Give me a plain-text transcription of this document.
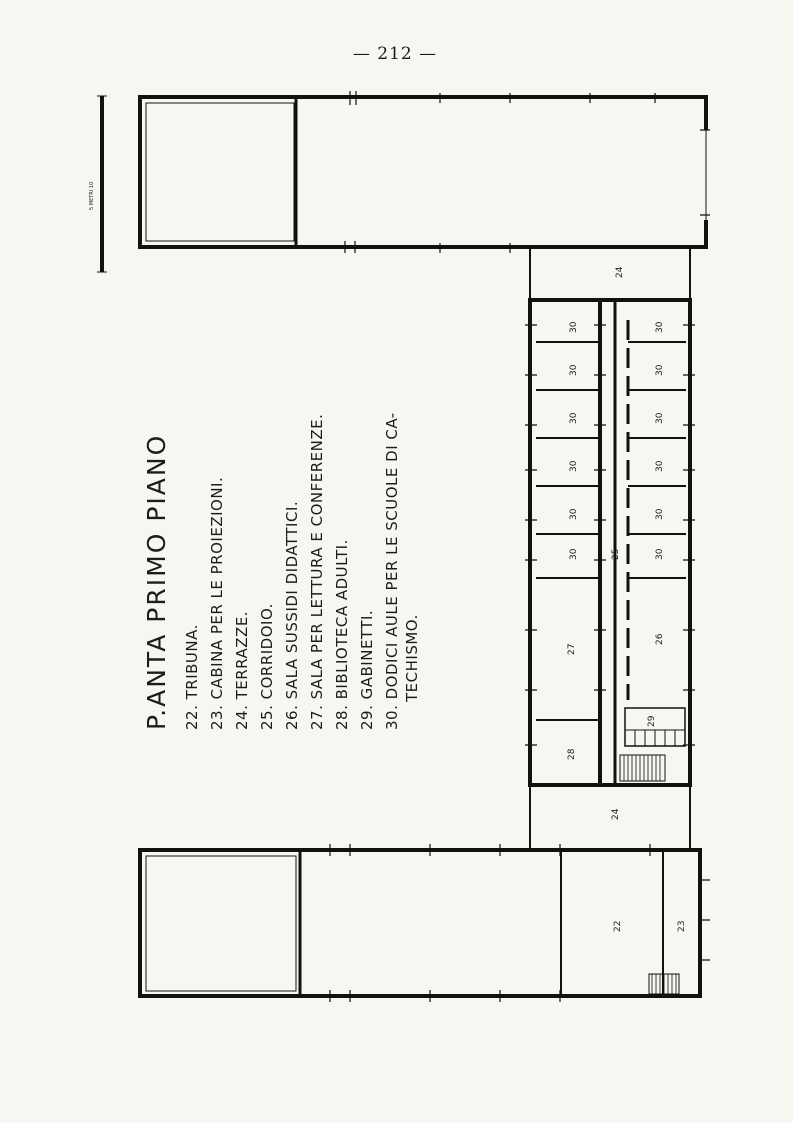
— 212 —
5 METRI 10
P.ANTA PRIMO PIANO 22. TRIBUNA. 23. CABINA PER LE PROIEZIONI. 24. TERRAZZE. 25. CORRIDOIO. 26. SALA SUSSIDI DIDATTICI. 27. SALA PER LETTURA E CONFERENZE. 28. BIBLIOTECA ADULTI. 29. GABINETTI. 30. DODICI AULE PER LE SCUOLE DI CA- TECHISMO.
24
24
30
30
30
30
30
30
30
30
30
30
30
30
25
27
26
28
29
22	23
